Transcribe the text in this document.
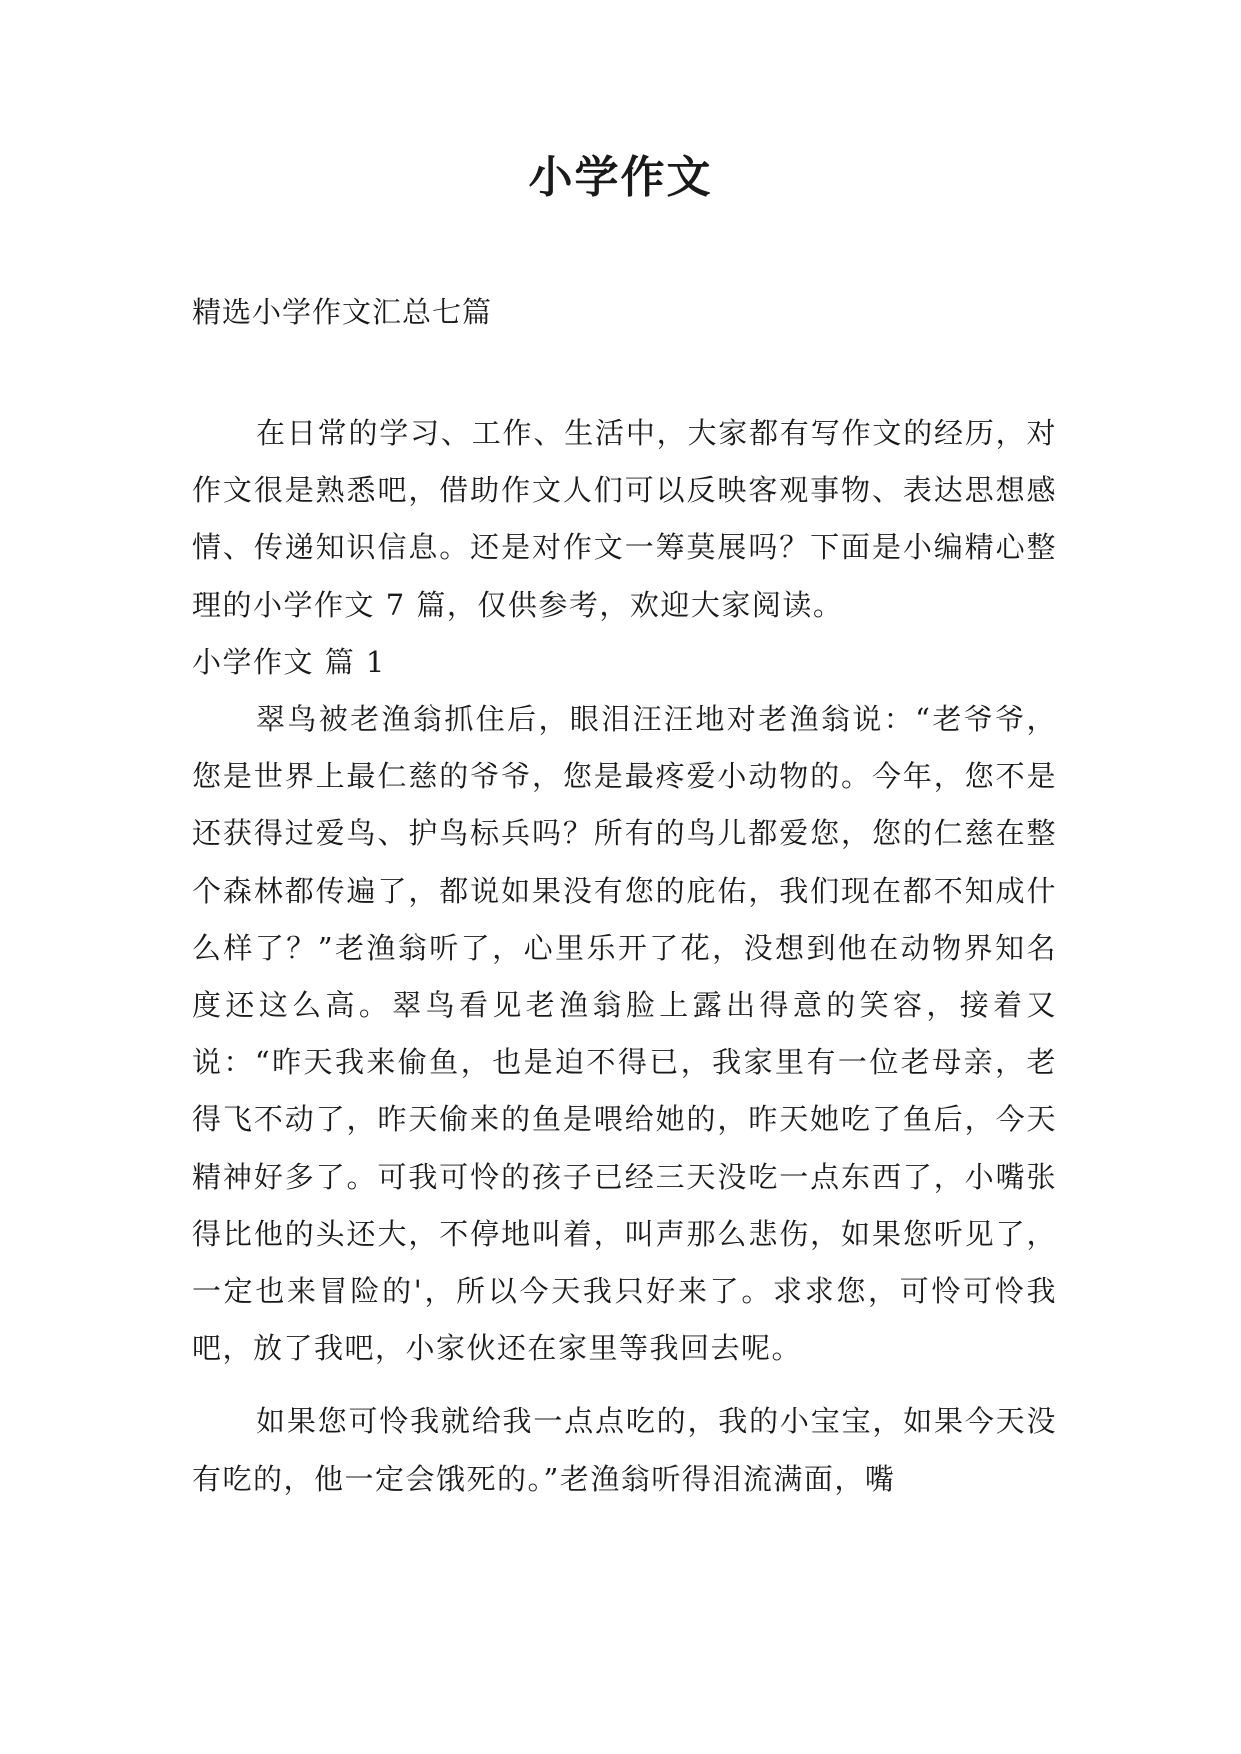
小学作文
精选小学作文汇总七篇

在日常的学习、工作、生活中，大家都有写作文的经历，对作文很是熟悉吧，借助作文人们可以反映客观事物、表达思想感情、传递知识信息。还是对作文一筹莫展吗？下面是小编精心整理的小学作文 7 篇，仅供参考，欢迎大家阅读。

小学作文 篇 1

翠鸟被老渔翁抓住后，眼泪汪汪地对老渔翁说：“老爷爷，您是世界上最仁慈的爷爷，您是最疼爱小动物的。今年，您不是还获得过爱鸟、护鸟标兵吗？所有的鸟儿都爱您，您的仁慈在整个森林都传遍了，都说如果没有您的庇佑，我们现在都不知成什么样了？”老渔翁听了，心里乐开了花，没想到他在动物界知名度还这么高。翠鸟看见老渔翁脸上露出得意的笑容，接着又说：“昨天我来偷鱼，也是迫不得已，我家里有一位老母亲，老得飞不动了，昨天偷来的鱼是喂给她的，昨天她吃了鱼后，今天精神好多了。可我可怜的孩子已经三天没吃一点东西了，小嘴张得比他的头还大，不停地叫着，叫声那么悲伤，如果您听见了，一定也来冒险的'，所以今天我只好来了。求求您，可怜可怜我吧，放了我吧，小家伙还在家里等我回去呢。

如果您可怜我就给我一点点吃的，我的小宝宝，如果今天没有吃的，他一定会饿死的。”老渔翁听得泪流满面，嘴
